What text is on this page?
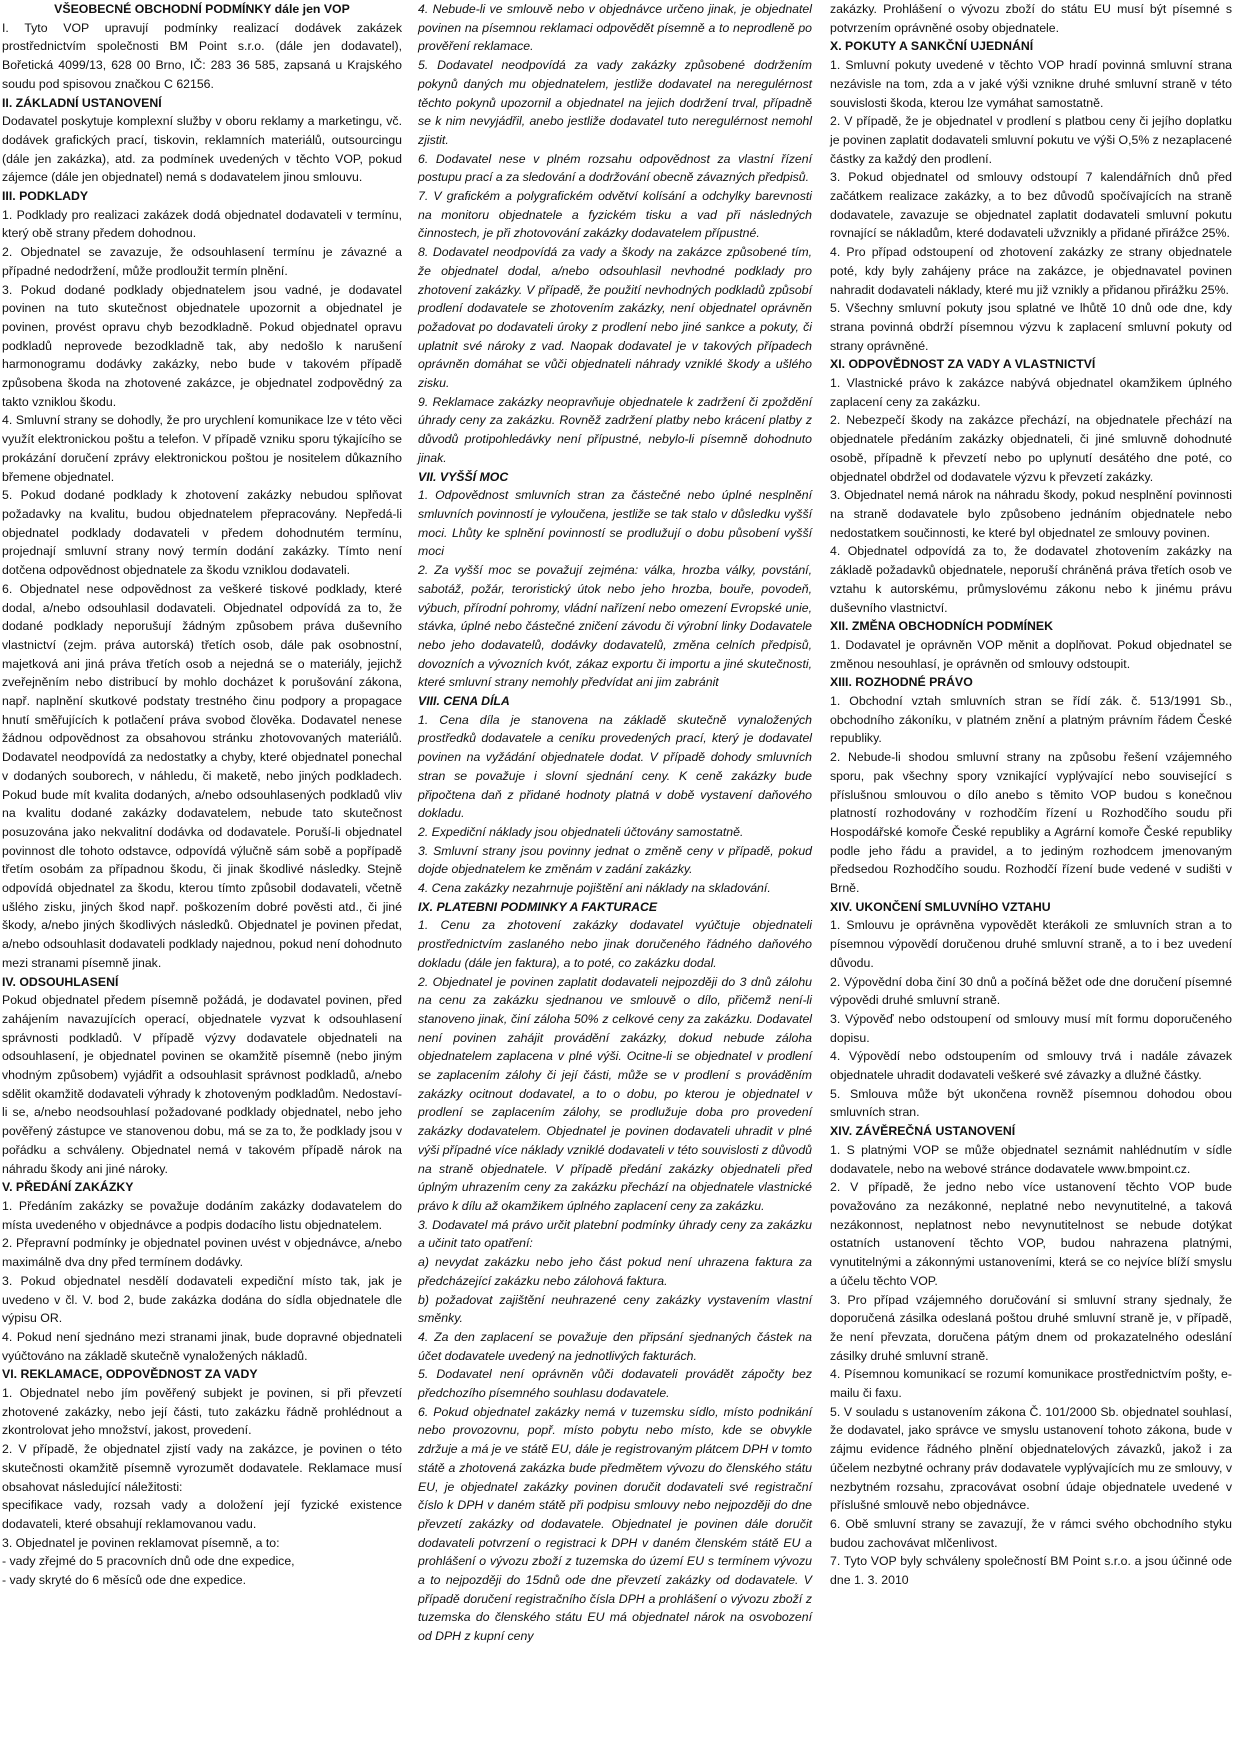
VŠEOBECNÉ OBCHODNÍ PODMÍNKY dále jen VOP
I. Tyto VOP upravují podmínky realizací dodávek zakázek prostřednictvím společnosti BM Point s.r.o. (dále jen dodavatel), Bořetická 4099/13, 628 00 Brno, IČ: 283 36 585, zapsaná u Krajského soudu pod spisovou značkou C 62156.
II. ZÁKLADNÍ USTANOVENÍ
Dodavatel poskytuje komplexní služby v oboru reklamy a marketingu, vč. dodávek grafických prací, tiskovin, reklamních materiálů, outsourcingu (dále jen zakázka), atd. za podmínek uvedených v těchto VOP, pokud zájemce (dále jen objednatel) nemá s dodavatelem jinou smlouvu.
III. PODKLADY
1. Podklady pro realizaci zakázek dodá objednatel dodavateli v termínu, který obě strany předem dohodnou.
2. Objednatel se zavazuje, že odsouhlasení termínu je závazné a případné nedodržení, může prodloužit termín plnění.
3. Pokud dodané podklady objednatelem jsou vadné, je dodavatel povinen na tuto skutečnost objednatele upozornit a objednatel je povinen, provést opravu chyb bezodkladně. Pokud objednatel opravu podkladů neprovede bezodkladně tak, aby nedošlo k narušení harmonogramu dodávky zakázky, nebo bude v takovém případě způsobena škoda na zhotovené zakázce, je objednatel zodpovědný za takto vzniklou škodu.
4. Smluvní strany se dohodly, že pro urychlení komunikace lze v této věci využít elektronickou poštu a telefon. V případě vzniku sporu týkajícího se prokázání doručení zprávy elektronickou poštou je nositelem důkazního břemene objednatel.
5. Pokud dodané podklady k zhotovení zakázky nebudou splňovat požadavky na kvalitu, budou objednatelem přepracovány. Nepředá-li objednatel podklady dodavateli v předem dohodnutém termínu, projednají smluvní strany nový termín dodání zakázky. Tímto není dotčena odpovědnost objednatele za škodu vzniklou dodavateli.
6. Objednatel nese odpovědnost za veškeré tiskové podklady, které dodal, a/nebo odsouhlasil dodavateli. Objednatel odpovídá za to, že dodané podklady neporušují žádným způsobem práva duševního vlastnictví (zejm. práva autorská) třetích osob, dále pak osobnostní, majetková ani jiná práva třetích osob a nejedná se o materiály, jejichž zveřejněním nebo distribucí by mohlo docházet k porušování zákona, např. naplnění skutkové podstaty trestného činu podpory a propagace hnutí směřujících k potlačení práva svobod člověka. Dodavatel nenese žádnou odpovědnost za obsahovou stránku zhotovovaných materiálů. Dodavatel neodpovídá za nedostatky a chyby, které objednatel ponechal v dodaných souborech, v náhledu, či maketě, nebo jiných podkladech. Pokud bude mít kvalita dodaných, a/nebo odsouhlasených podkladů vliv na kvalitu dodané zakázky dodavatelem, nebude tato skutečnost posuzována jako nekvalitní dodávka od dodavatele. Poruší-li objednatel povinnost dle tohoto odstavce, odpovídá výlučně sám sobě a popřípadě třetím osobám za případnou škodu, či jinak škodlivé následky. Stejně odpovídá objednatel za škodu, kterou tímto způsobil dodavateli, včetně ušlého zisku, jiných škod např. poškozením dobré pověsti atd., či jiné škody, a/nebo jiných škodlivých následků. Objednatel je povinen předat, a/nebo odsouhlasit dodavateli podklady najednou, pokud není dohodnuto mezi stranami písemně jinak.
IV. ODSOUHLASENÍ
Pokud objednatel předem písemně požádá, je dodavatel povinen, před zahájením navazujících operací, objednatele vyzvat k odsouhlasení správnosti podkladů. V případě výzvy dodavatele objednateli na odsouhlasení, je objednatel povinen se okamžitě písemně (nebo jiným vhodným způsobem) vyjádřit a odsouhlasit správnost podkladů, a/nebo sdělit okamžitě dodavateli výhrady k zhotoveným podkladům. Nedostaví-li se, a/nebo neodsouhlasí požadované podklady objednatel, nebo jeho pověřený zástupce ve stanovenou dobu, má se za to, že podklady jsou v pořádku a schváleny. Objednatel nemá v takovém případě nárok na náhradu škody ani jiné nároky.
V. PŘEDÁNÍ ZAKÁZKY
1. Předáním zakázky se považuje dodáním zakázky dodavatelem do místa uvedeného v objednávce a podpis dodacího listu objednatelem.
2. Přepravní podmínky je objednatel povinen uvést v objednávce, a/nebo maximálně dva dny před termínem dodávky.
3. Pokud objednatel nesdělí dodavateli expediční místo tak, jak je uvedeno v čl. V. bod 2, bude zakázka dodána do sídla objednatele dle výpisu OR.
4. Pokud není sjednáno mezi stranami jinak, bude dopravné objednateli vyúčtováno na základě skutečně vynaložených nákladů.
VI. REKLAMACE, ODPOVĚDNOST ZA VADY
1. Objednatel nebo jím pověřený subjekt je povinen, si při převzetí zhotovené zakázky, nebo její části, tuto zakázku řádně prohlédnout a zkontrolovat jeho množství, jakost, provedení.
2. V případě, že objednatel zjistí vady na zakázce, je povinen o této skutečnosti okamžitě písemně vyrozumět dodavatele. Reklamace musí obsahovat následující náležitosti:
specifikace vady, rozsah vady a doložení její fyzické existence dodavateli, které obsahují reklamovanou vadu.
3. Objednatel je povinen reklamovat písemně, a to:
- vady zřejmé do 5 pracovních dnů ode dne expedice,
- vady skryté do 6 měsíců ode dne expedice.
4. Nebude-li ve smlouvě nebo v objednávce určeno jinak, je objednatel povinen na písemnou reklamaci odpovědět písemně a to neprodleně po prověření reklamace.
5. Dodavatel neodpovídá za vady zakázky způsobené dodržením pokynů daných mu objednatelem, jestliže dodavatel na neregulérnost těchto pokynů upozornil a objednatel na jejich dodržení trval, případně se k nim nevyjádřil, anebo jestliže dodavatel tuto neregulérnost nemohl zjistit.
6. Dodavatel nese v plném rozsahu odpovědnost za vlastní řízení postupu prací a za sledování a dodržování obecně závazných předpisů.
7. V grafickém a polygrafickém odvětví kolísání a odchylky barevnosti na monitoru objednatele a fyzickém tisku a vad při následných činnostech, je při zhotovování zakázky dodavatelem přípustné.
8. Dodavatel neodpovídá za vady a škody na zakázce způsobené tím, že objednatel dodal, a/nebo odsouhlasil nevhodné podklady pro zhotovení zakázky. V případě, že použití nevhodných podkladů způsobí prodlení dodavatele se zhotovením zakázky, není objednatel oprávněn požadovat po dodavateli úroky z prodlení nebo jiné sankce a pokuty, či uplatnit své nároky z vad. Naopak dodavatel je v takových případech oprávněn domáhat se vůči objednateli náhrady vzniklé škody a ušlého zisku.
9. Reklamace zakázky neopravňuje objednatele k zadržení či zpoždění úhrady ceny za zakázku. Rovněž zadržení platby nebo krácení platby z důvodů protipohledávky není přípustné, nebylo-li písemně dohodnuto jinak.
VII. VYŠŠÍ MOC
1. Odpovědnost smluvních stran za částečné nebo úplné nesplnění smluvních povinností je vyloučena, jestliže se tak stalo v důsledku vyšší moci. Lhůty ke splnění povinností se prodlužují o dobu působení vyšší moci
2. Za vyšší moc se považují zejména: válka, hrozba války, povstání, sabotáž, požár, teroristický útok nebo jeho hrozba, bouře, povodeň, výbuch, přírodní pohromy, vládní nařízení nebo omezení Evropské unie, stávka, úplné nebo částečné zničení závodu či výrobní linky Dodavatele nebo jeho dodavatelů, dodávky dodavatelů, změna celních předpisů, dovozních a vývozních kvót, zákaz exportu či importu a jiné skutečnosti, které smluvní strany nemohly předvídat ani jim zabránit
VIII. CENA DÍLA
1. Cena díla je stanovena na základě skutečně vynaložených prostředků dodavatele a ceníku provedených prací, který je dodavatel povinen na vyžádání objednatele dodat. V případě dohody smluvních stran se považuje i slovní sjednání ceny. K ceně zakázky bude připočtena daň z přidané hodnoty platná v době vystavení daňového dokladu.
2. Expediční náklady jsou objednateli účtovány samostatně.
3. Smluvní strany jsou povinny jednat o změně ceny v případě, pokud dojde objednatelem ke změnám v zadání zakázky.
4. Cena zakázky nezahrnuje pojištění ani náklady na skladování.
IX. PLATEBNI PODMINKY A FAKTURACE
1. Cenu za zhotovení zakázky dodavatel vyúčtuje objednateli prostřednictvím zaslaného nebo jinak doručeného řádného daňového dokladu (dále jen faktura), a to poté, co zakázku dodal.
2. Objednatel je povinen zaplatit dodavateli nejpozději do 3 dnů zálohu na cenu za zakázku sjednanou ve smlouvě o dílo, přičemž není-li stanoveno jinak, činí záloha 50% z celkové ceny za zakázku. Dodavatel není povinen zahájit provádění zakázky, dokud nebude záloha objednatelem zaplacena v plné výši. Ocitne-li se objednatel v prodlení se zaplacením zálohy či její části, může se v prodlení s prováděním zakázky ocitnout dodavatel, a to o dobu, po kterou je objednatel v prodlení se zaplacením zálohy, se prodlužuje doba pro provedení zakázky dodavatelem. Objednatel je povinen dodavateli uhradit v plné výši případné více náklady vzniklé dodavateli v této souvislosti z důvodů na straně objednatele. V případě předání zakázky objednateli před úplným uhrazením ceny za zakázku přechází na objednatele vlastnické právo k dílu až okamžikem úplného zaplacení ceny za zakázku.
3. Dodavatel má právo určit platební podmínky úhrady ceny za zakázku a učinit tato opatření:
a) nevydat zakázku nebo jeho část pokud není uhrazena faktura za předcházející zakázku nebo zálohová faktura.
b) požadovat zajištění neuhrazené ceny zakázky vystavením vlastní směnky.
4. Za den zaplacení se považuje den připsání sjednaných částek na účet dodavatele uvedený na jednotlivých fakturách.
5. Dodavatel není oprávněn vůči dodavateli provádět zápočty bez předchozího písemného souhlasu dodavatele.
6. Pokud objednatel zakázky nemá v tuzemsku sídlo, místo podnikání nebo provozovnu, popř. místo pobytu nebo místo, kde se obvykle zdržuje a má je ve státě EU, dále je registrovaným plátcem DPH v tomto státě a zhotovená zakázka bude předmětem vývozu do členského státu EU, je objednatel zakázky povinen doručit dodavateli své registrační číslo k DPH v daném státě při podpisu smlouvy nebo nejpozději do dne převzetí zakázky od dodavatele. Objednatel je povinen dále doručit dodavateli potvrzení o registraci k DPH v daném členském státě EU a prohlášení o vývozu zboží z tuzemska do území EU s termínem vývozu a to nejpozději do 15dnů ode dne převzetí zakázky od dodavatele. V případě doručení registračního čísla DPH a prohlášení o vývozu zboží z tuzemska do členského státu EU má objednatel nárok na osvobození od DPH z kupní ceny
zakázky. Prohlášení o vývozu zboží do státu EU musí být písemné s potvrzením oprávněné osoby objednatele.
X. POKUTY A SANKČNÍ UJEDNÁNÍ
1. Smluvní pokuty uvedené v těchto VOP hradí povinná smluvní strana nezávisle na tom, zda a v jaké výši vznikne druhé smluvní straně v této souvislosti škoda, kterou lze vymáhat samostatně.
2. V případě, že je objednatel v prodlení s platbou ceny či jejího doplatku je povinen zaplatit dodavateli smluvní pokutu ve výši O,5% z nezaplacené částky za každý den prodlení.
3. Pokud objednatel od smlouvy odstoupí 7 kalendářních dnů před začátkem realizace zakázky, a to bez důvodů spočívajících na straně dodavatele, zavazuje se objednatel zaplatit dodavateli smluvní pokutu rovnající se nákladům, které dodavateli užvznikly a přidané přirážce 25%.
4. Pro případ odstoupení od zhotovení zakázky ze strany objednatele poté, kdy byly zahájeny práce na zakázce, je objednavatel povinen nahradit dodavateli náklady, které mu již vznikly a přidanou přirážku 25%.
5. Všechny smluvní pokuty jsou splatné ve lhůtě 10 dnů ode dne, kdy strana povinná obdrží písemnou výzvu k zaplacení smluvní pokuty od strany oprávněné.
XI. ODPOVĚDNOST ZA VADY A VLASTNICTVÍ
1. Vlastnické právo k zakázce nabývá objednatel okamžikem úplného zaplacení ceny za zakázku.
2. Nebezpečí škody na zakázce přechází, na objednatele přechází na objednatele předáním zakázky objednateli, či jiné smluvně dohodnuté osobě, případně k převzetí nebo po uplynutí desátého dne poté, co objednatel obdržel od dodavatele výzvu k převzetí zakázky.
3. Objednatel nemá nárok na náhradu škody, pokud nesplnění povinnosti na straně dodavatele bylo způsobeno jednáním objednatele nebo nedostatkem součinnosti, ke které byl objednatel ze smlouvy povinen.
4. Objednatel odpovídá za to, že dodavatel zhotovením zakázky na základě požadavků objednatele, neporuší chráněná práva třetích osob ve vztahu k autorskému, průmyslovému zákonu nebo k jinému právu duševního vlastnictví.
XII. ZMĚNA OBCHODNÍCH PODMÍNEK
1. Dodavatel je oprávněn VOP měnit a doplňovat. Pokud objednatel se změnou nesouhlasí, je oprávněn od smlouvy odstoupit.
XIII. ROZHODNÉ PRÁVO
1. Obchodní vztah smluvních stran se řídí zák. č. 513/1991 Sb., obchodního zákoníku, v platném znění a platným právním řádem České republiky.
2. Nebude-li shodou smluvní strany na způsobu řešení vzájemného sporu, pak všechny spory vznikající vyplývající nebo související s příslušnou smlouvou o dílo anebo s těmito VOP budou s konečnou platností rozhodovány v rozhodčím řízení u Rozhodčího soudu při Hospodářské komoře České republiky a Agrární komoře České republiky podle jeho řádu a pravidel, a to jediným rozhodcem jmenovaným předsedou Rozhodčího soudu. Rozhodčí řízení bude vedené v sudišti v Brně.
XIV. UKONČENÍ SMLUVNÍHO VZTAHU
1. Smlouvu je oprávněna vypovědět kterákoli ze smluvních stran a to písemnou výpovědí doručenou druhé smluvní straně, a to i bez uvedení důvodu.
2. Výpovědní doba činí 30 dnů a počíná běžet ode dne doručení písemné výpovědi druhé smluvní straně.
3. Výpověď nebo odstoupení od smlouvy musí mít formu doporučeného dopisu.
4. Výpovědí nebo odstoupením od smlouvy trvá i nadále závazek objednatele uhradit dodavateli veškeré své závazky a dlužné částky.
5. Smlouva může být ukončena rovněž písemnou dohodou obou smluvních stran.
XIV. ZÁVĚREČNÁ USTANOVENÍ
1. S platnými VOP se může objednatel seznámit nahlédnutím v sídle dodavatele, nebo na webové stránce dodavatele www.bmpoint.cz.
2. V případě, že jedno nebo více ustanovení těchto VOP bude považováno za nezákonné, neplatné nebo nevynutitelné, a taková nezákonnost, neplatnost nebo nevynutitelnost se nebude dotýkat ostatních ustanovení těchto VOP, budou nahrazena platnými, vynutitelnými a zákonnými ustanoveními, která se co nejvíce blíží smyslu a účelu těchto VOP.
3. Pro případ vzájemného doručování si smluvní strany sjednaly, že doporučená zásilka odeslaná poštou druhé smluvní straně je, v případě, že není převzata, doručena pátým dnem od prokazatelného odeslání zásilky druhé smluvní straně.
4. Písemnou komunikací se rozumí komunikace prostřednictvím pošty, e-mailu či faxu.
5. V souladu s ustanovením zákona Č. 101/2000 Sb. objednatel souhlasí, že dodavatel, jako správce ve smyslu ustanovení tohoto zákona, bude v zájmu evidence řádného plnění objednatelových závazků, jakož i za účelem nezbytné ochrany práv dodavatele vyplývajících mu ze smlouvy, v nezbytném rozsahu, zpracovávat osobní údaje objednatele uvedené v příslušné smlouvě nebo objednávce.
6. Obě smluvní strany se zavazují, že v rámci svého obchodního styku budou zachovávat mlčenlivost.
7. Tyto VOP byly schváleny společností BM Point s.r.o. a jsou účinné ode dne 1. 3. 2010
